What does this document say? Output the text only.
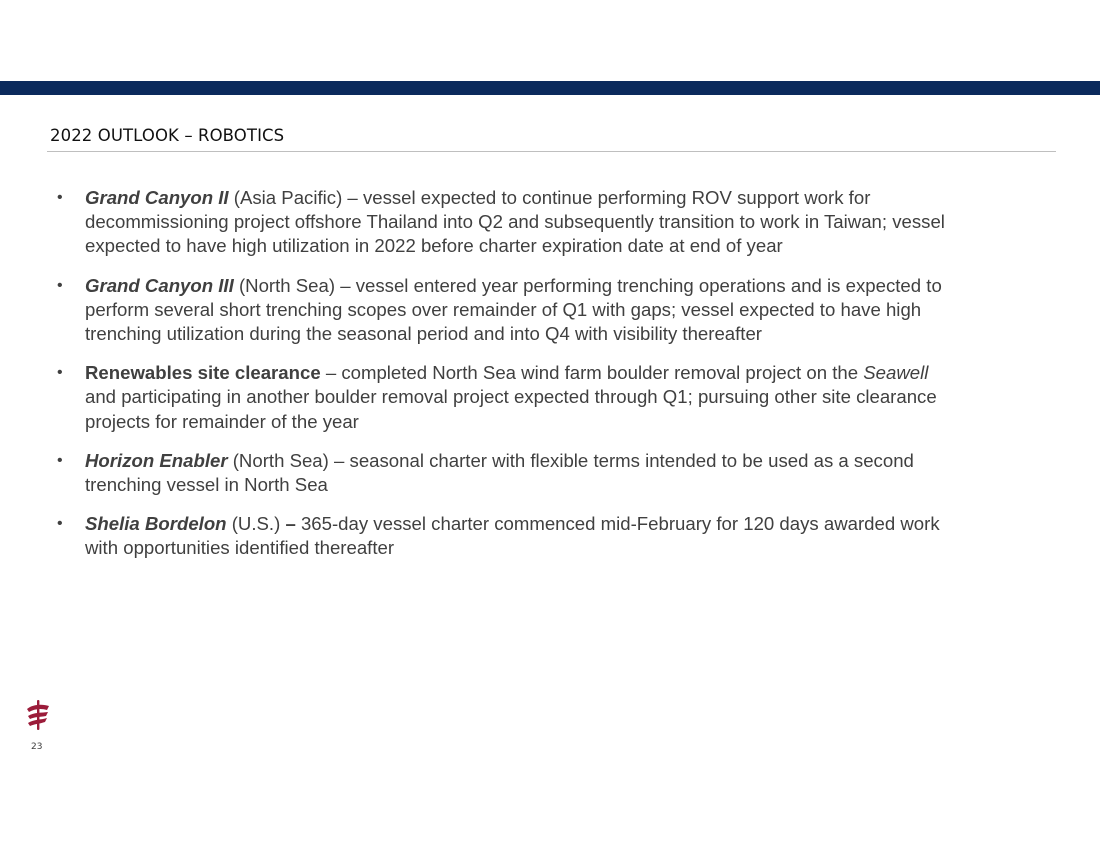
2022 OUTLOOK – ROBOTICS
•	Grand Canyon II (Asia Pacific) – vessel expected to continue performing ROV support work for decommissioning project offshore Thailand into Q2 and subsequently transition to work in Taiwan; vessel expected to have high utilization in 2022 before charter expiration date at end of year
•	Grand Canyon III (North Sea) – vessel entered year performing trenching operations and is expected to perform several short trenching scopes over remainder of Q1 with gaps; vessel expected to have high trenching utilization during the seasonal period and into Q4 with visibility thereafter
•	Renewables site clearance – completed North Sea wind farm boulder removal project on the Seawell and participating in another boulder removal project expected through Q1; pursuing other site clearance projects for remainder of the year
•	Horizon Enabler (North Sea) – seasonal charter with flexible terms intended to be used as a second trenching vessel in North Sea
•	Shelia Bordelon (U.S.) – 365-day vessel charter commenced mid-February for 120 days awarded work with opportunities identified thereafter
23
